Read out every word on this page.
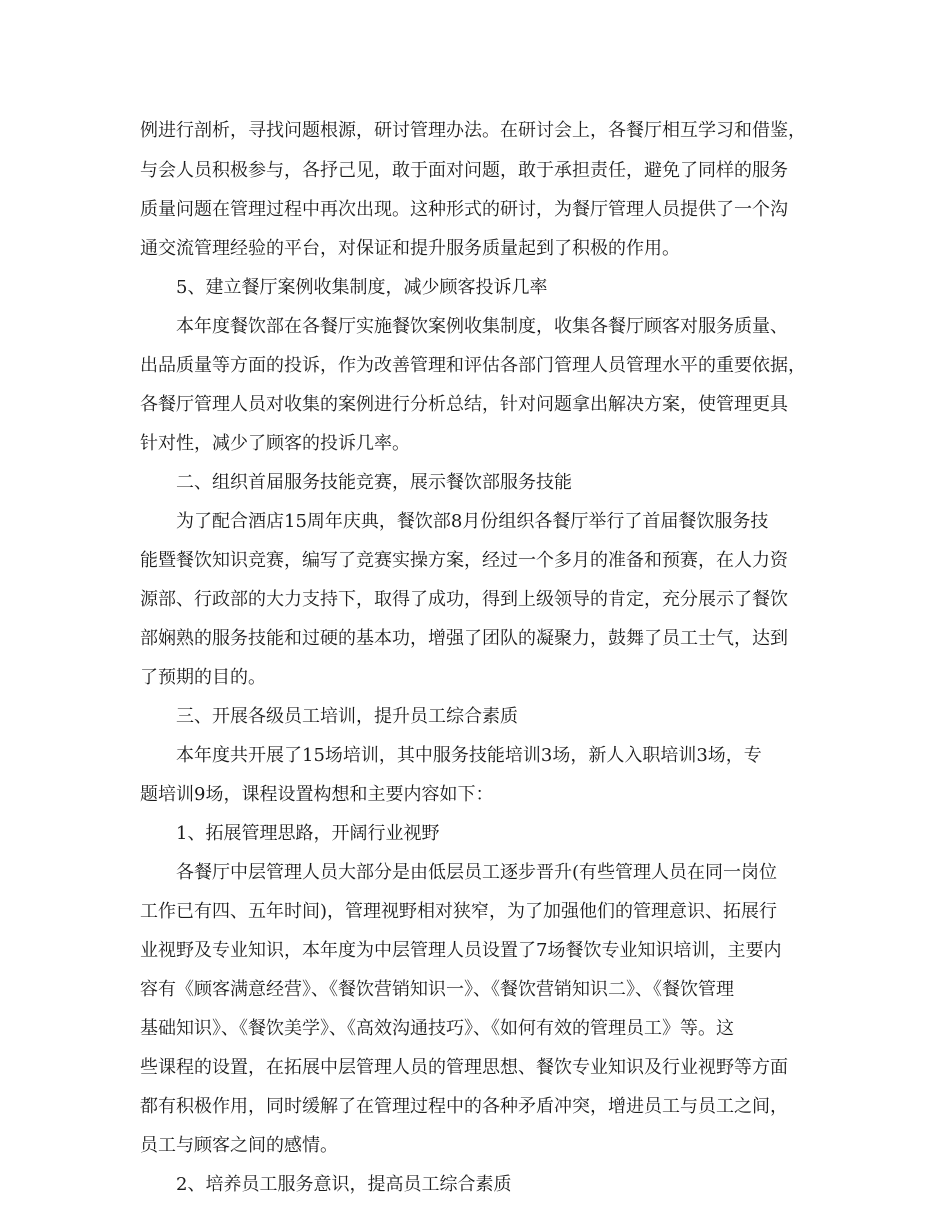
例进行剖析，寻找问题根源，研讨管理办法。在研讨会上，各餐厅相互学习和借鉴，
与会人员积极参与，各抒己见，敢于面对问题，敢于承担责任，避免了同样的服务
质量问题在管理过程中再次出现。这种形式的研讨，为餐厅管理人员提供了一个沟
通交流管理经验的平台，对保证和提升服务质量起到了积极的作用。
5、建立餐厅案例收集制度，减少顾客投诉几率
本年度餐饮部在各餐厅实施餐饮案例收集制度，收集各餐厅顾客对服务质量、
出品质量等方面的投诉，作为改善管理和评估各部门管理人员管理水平的重要依据，
各餐厅管理人员对收集的案例进行分析总结，针对问题拿出解决方案，使管理更具
针对性，减少了顾客的投诉几率。
二、组织首届服务技能竞赛，展示餐饮部服务技能
为了配合酒店15周年庆典，餐饮部8月份组织各餐厅举行了首届餐饮服务技
能暨餐饮知识竞赛，编写了竞赛实操方案，经过一个多月的准备和预赛，在人力资
源部、行政部的大力支持下，取得了成功，得到上级领导的肯定，充分展示了餐饮
部娴熟的服务技能和过硬的基本功，增强了团队的凝聚力，鼓舞了员工士气，达到
了预期的目的。
三、开展各级员工培训，提升员工综合素质
本年度共开展了15场培训，其中服务技能培训3场，新人入职培训3场，专
题培训9场，课程设置构想和主要内容如下：
1、拓展管理思路，开阔行业视野
各餐厅中层管理人员大部分是由低层员工逐步晋升(有些管理人员在同一岗位
工作已有四、五年时间)，管理视野相对狭窄，为了加强他们的管理意识、拓展行
业视野及专业知识，本年度为中层管理人员设置了7场餐饮专业知识培训，主要内
容有《顾客满意经营》、《餐饮营销知识一》、《餐饮营销知识二》、《餐饮管理
基础知识》、《餐饮美学》、《高效沟通技巧》、《如何有效的管理员工》等。这
些课程的设置，在拓展中层管理人员的管理思想、餐饮专业知识及行业视野等方面
都有积极作用，同时缓解了在管理过程中的各种矛盾冲突，增进员工与员工之间，
员工与顾客之间的感情。
2、培养员工服务意识，提高员工综合素质
